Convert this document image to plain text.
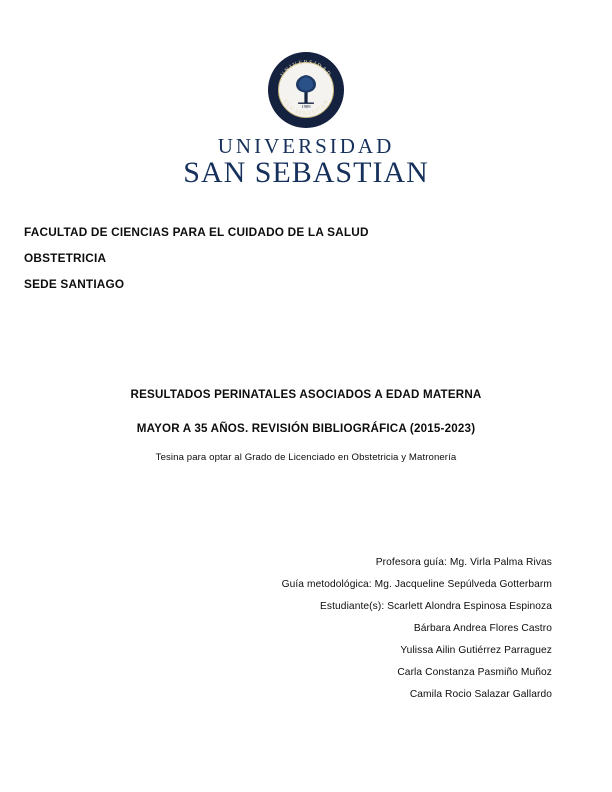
UNIVERSIDAD
SAN SEBASTIAN
1989
UNIVERSIDAD
SAN SEBASTIAN
FACULTAD DE CIENCIAS PARA EL CUIDADO DE LA SALUD
OBSTETRICIA
SEDE SANTIAGO
RESULTADOS PERINATALES ASOCIADOS A EDAD MATERNA
MAYOR A 35 AÑOS. REVISIÓN BIBLIOGRÁFICA (2015-2023)
Tesina para optar al Grado de Licenciado en Obstetricia y Matronería
Profesora guía: Mg. Virla Palma Rivas
Guía metodológica: Mg. Jacqueline Sepúlveda Gotterbarm
Estudiante(s): Scarlett Alondra Espinosa Espinoza
Bárbara Andrea Flores Castro
Yulissa Ailin Gutiérrez Parraguez
Carla Constanza Pasmiño Muñoz
Camila Rocio Salazar Gallardo
